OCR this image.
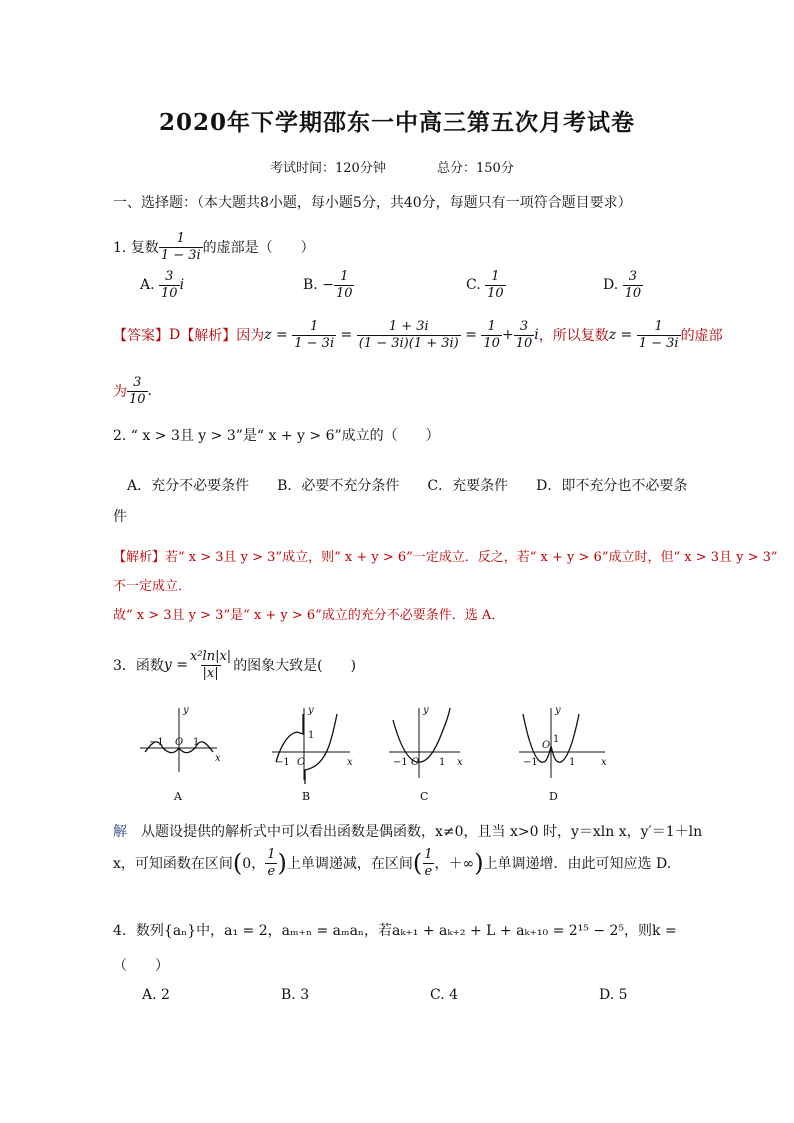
2020年下学期邵东一中高三第五次月考试卷
考试时间：120分钟	总分：150分
一、选择题：（本大题共8小题，每小题5分，共40分，每题只有一项符合题目要求）
1. 复数 $\frac{1}{1 - 3i}$ 的虚部是（　　）
A.
$\frac{3}{10}$ i	B.
− $\frac{1}{10}$	C.
$\frac{1}{10}$	D.
$\frac{3}{10}$
【答案】 D 【解析】 因为 z =
$\frac{1}{1 - 3i} = \frac{1 + 3i}{(1 - 3i)(1 + 3i)} = \frac{1}{10} + \frac{3}{10}$ i ，所以复数 z =
$\frac{1}{1 - 3i}$ 的虚部
为 $\frac{3}{10}$ .
2. “ x > 3且 y > 3”是“ x + y > 6”成立的（　　）
　A．充分不必要条件　　B．必要不充分条件　　C．充要条件　　D．即不充分也不必要条
件
【解析】若“ x > 3且 y > 3”成立，则“ x + y > 6”一定成立．反之，若“ x + y > 6”成立时，但“ x > 3且 y > 3”
不一定成立．
故“ x > 3且 y > 3”是“ x + y > 6”成立的充分不必要条件．选 A．
3．函数 $y = \frac{\text{x²ln|x|}}{|x|}$ 的图象大致是(　　)
y
x
O
−1	1
y
x
O
−1
1
y
x
O
−1	1
y
x
O
−1	1
1
A	B	C	D
解　从题设提供的解析式中可以看出函数是偶函数，x≠0，且当 x>0 时，y＝xln x，y′＝1＋ln
x，可知函数在区间 ( 0， $\frac{1}{e}$ ) 上单调递减，在区间 ( $\frac{1}{e}$ ，＋∞ ) 上单调递增．由此可知应选 D.
4．数列{aₙ}中，a₁ = 2，aₘ₊ₙ = aₘaₙ，若aₖ₊₁ + aₖ₊₂ + L + aₖ₊₁₀ = 2¹⁵ − 2⁵，则k =
（　　）
A. 2	B. 3	C. 4	D. 5
